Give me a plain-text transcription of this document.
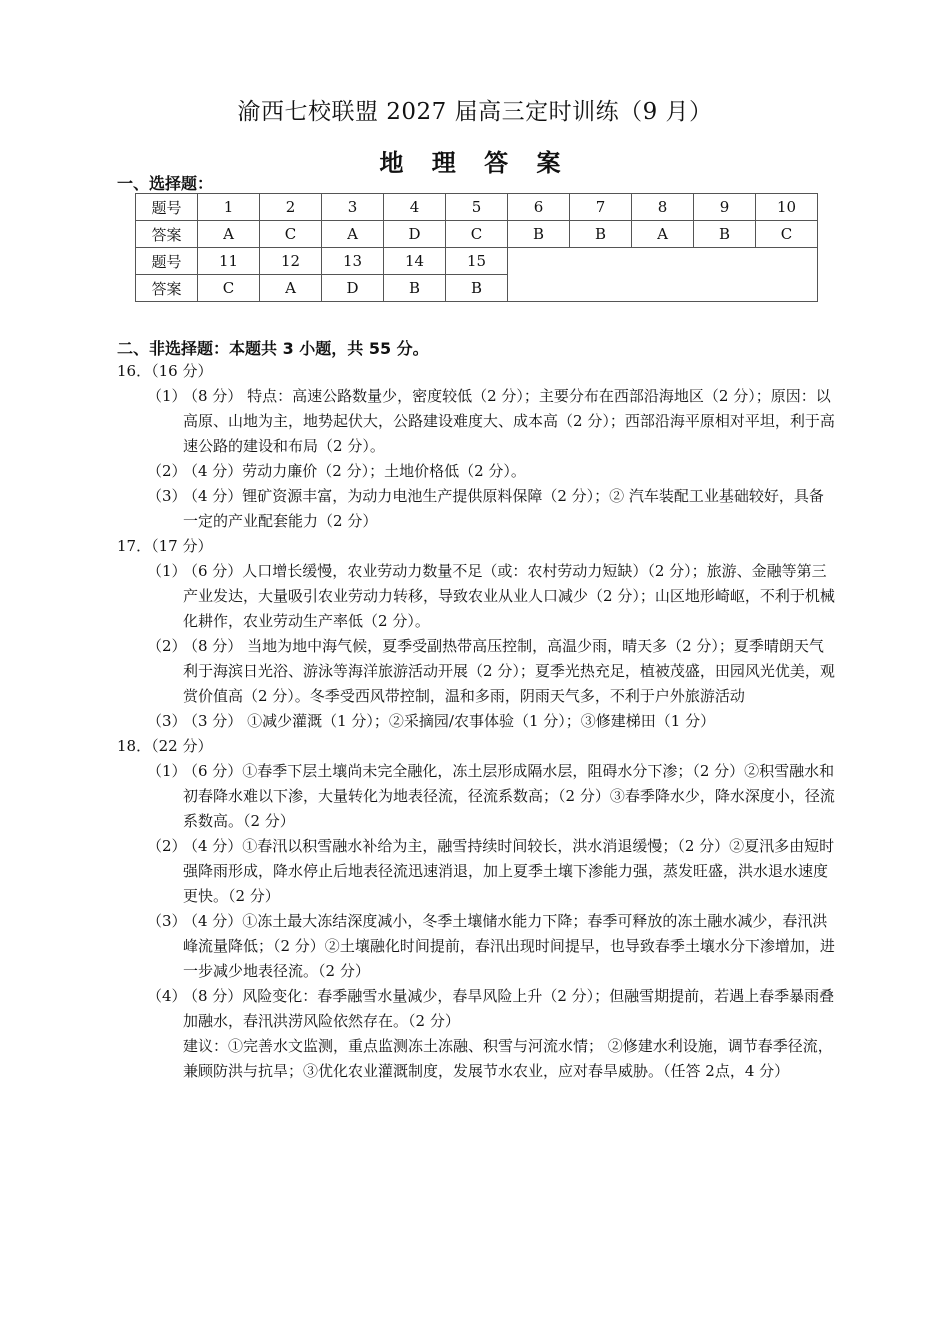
渝西七校联盟 2027 届高三定时训练（9 月）
地 理 答 案
一、选择题：
题号	1	2	3	4	5	6	7	8	9	10
答案	A	C	A	D	C	B	B	A	B	C
题号	11	12	13	14	15					
答案	C	A	D	B	B					
二、非选择题：本题共 3 小题，共 55 分。

16．（16 分）

（1）
（8 分） 特点：高速公路数量少，密度较低（2 分）；主要分布在西部沿海地区（2 分）；原因：以高原、山地为主，地势起伏大，公路建设难度大、成本高（2 分）；西部沿海平原相对平坦，利于高速公路的建设和布局（2 分）。
（2）
（4 分）劳动力廉价（2 分）；土地价格低（2 分）。
（3）
（4 分）锂矿资源丰富，为动力电池生产提供原料保障（2 分）；② 汽车装配工业基础较好，具备一定的产业配套能力（2 分）

17．（17 分）

（1）
（6 分）人口增长缓慢，农业劳动力数量不足（或：农村劳动力短缺）（2 分）；旅游、金融等第三产业发达，大量吸引农业劳动力转移，导致农业从业人口减少（2 分）；山区地形崎岖，不利于机械化耕作，农业劳动生产率低（2 分）。
（2）
（8 分） 当地为地中海气候，夏季受副热带高压控制，高温少雨，晴天多（2 分）；夏季晴朗天气利于海滨日光浴、游泳等海洋旅游活动开展（2 分）；夏季光热充足，植被茂盛，田园风光优美，观赏价值高（2 分）。冬季受西风带控制，温和多雨，阴雨天气多，不利于户外旅游活动
（3）
（3 分） ①减少灌溉（1 分）；②采摘园/农事体验（1 分）；③修建梯田（1 分）

18．（22 分）

（1）
（6 分）①春季下层土壤尚未完全融化，冻土层形成隔水层，阻碍水分下渗；（2 分）②积雪融水和初春降水难以下渗，大量转化为地表径流，径流系数高；（2 分）③春季降水少，降水深度小，径流系数高。（2 分）
（2）
（4 分）①春汛以积雪融水补给为主，融雪持续时间较长，洪水消退缓慢；（2 分）②夏汛多由短时强降雨形成，降水停止后地表径流迅速消退，加上夏季土壤下渗能力强，蒸发旺盛，洪水退水速度更快。（2 分）
（3）
（4 分）①冻土最大冻结深度减小，冬季土壤储水能力下降；春季可释放的冻土融水减少，春汛洪峰流量降低；（2 分）②土壤融化时间提前，春汛出现时间提早，也导致春季土壤水分下渗增加，进一步减少地表径流。（2 分）
（4）
（8 分）风险变化：春季融雪水量减少，春旱风险上升（2 分）；但融雪期提前，若遇上春季暴雨叠加融水，春汛洪涝风险依然存在。（2 分）

建议：①完善水文监测，重点监测冻土冻融、积雪与河流水情； ②修建水利设施，调节春季径流，兼顾防洪与抗旱；③优化农业灌溉制度，发展节水农业，应对春旱威胁。（任答 2点，4 分）
